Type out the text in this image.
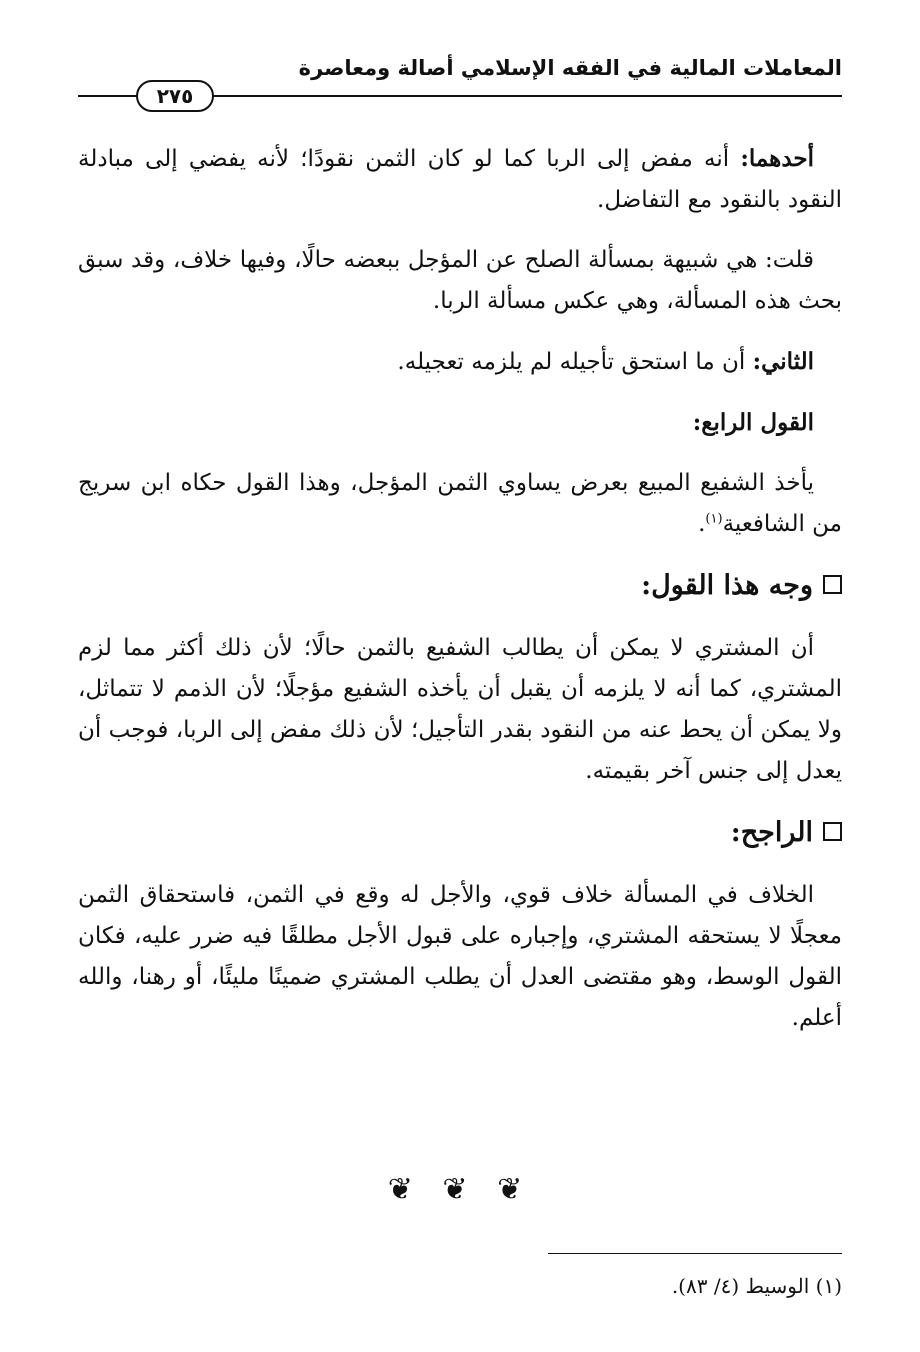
المعاملات المالية في الفقه الإسلامي أصالة ومعاصرة
٢٧٥

أحدهما: أنه مفض إلى الربا كما لو كان الثمن نقودًا؛ لأنه يفضي إلى مبادلة النقود بالنقود مع التفاضل.

قلت: هي شبيهة بمسألة الصلح عن المؤجل ببعضه حالًا، وفيها خلاف، وقد سبق بحث هذه المسألة، وهي عكس مسألة الربا.

الثاني: أن ما استحق تأجيله لم يلزمه تعجيله.

القول الرابع:

يأخذ الشفيع المبيع بعرض يساوي الثمن المؤجل، وهذا القول حكاه ابن سريج من الشافعية$^{(١)}$.

وجه هذا القول:

أن المشتري لا يمكن أن يطالب الشفيع بالثمن حالًا؛ لأن ذلك أكثر مما لزم المشتري، كما أنه لا يلزمه أن يقبل أن يأخذه الشفيع مؤجلًا؛ لأن الذمم لا تتماثل، ولا يمكن أن يحط عنه من النقود بقدر التأجيل؛ لأن ذلك مفض إلى الربا، فوجب أن يعدل إلى جنس آخر بقيمته.

الراجح:

الخلاف في المسألة خلاف قوي، والأجل له وقع في الثمن، فاستحقاق الثمن معجلًا لا يستحقه المشتري، وإجباره على قبول الأجل مطلقًا فيه ضرر عليه، فكان القول الوسط، وهو مقتضى العدل أن يطلب المشتري ضمينًا مليئًا، أو رهنا، والله أعلم.

❦ ❦ ❦
(١) الوسيط (٤/ ٨٣).
